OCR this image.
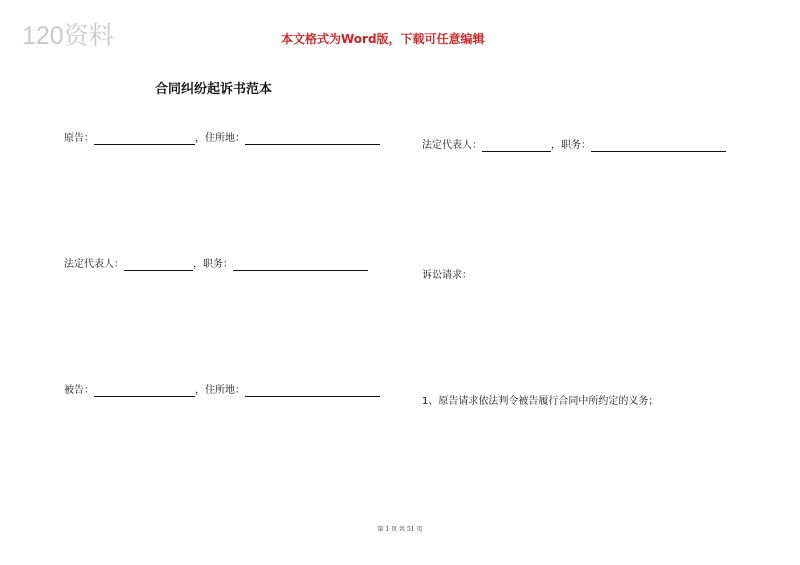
120资料	本文格式为Word版，下载可任意编辑
合同纠纷起诉书范本
原告：	，住所地：
法定代表人：	，职务：
被告：	，住所地：
法定代表人：	，职务：
诉讼请求：
1、原告请求依法判令被告履行合同中所约定的义务；
第 1 页 共 51 页
